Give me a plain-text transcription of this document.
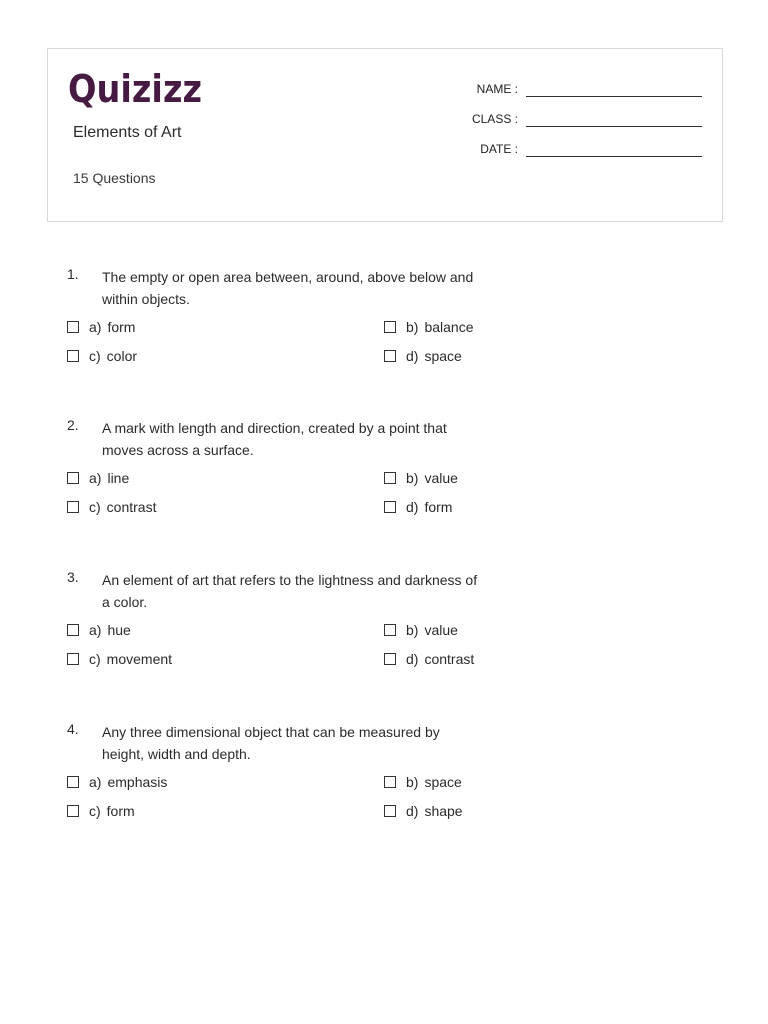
Quizizz
Elements of Art
15 Questions
NAME :
CLASS :
DATE :
1. The empty or open area between, around, above below and within objects.
a) form	b) balance
c) color	d) space
2. A mark with length and direction, created by a point that moves across a surface.
a) line	b) value
c) contrast	d) form
3. An element of art that refers to the lightness and darkness of a color.
a) hue	b) value
c) movement	d) contrast
4. Any three dimensional object that can be measured by height, width and depth.
a) emphasis	b) space
c) form	d) shape
